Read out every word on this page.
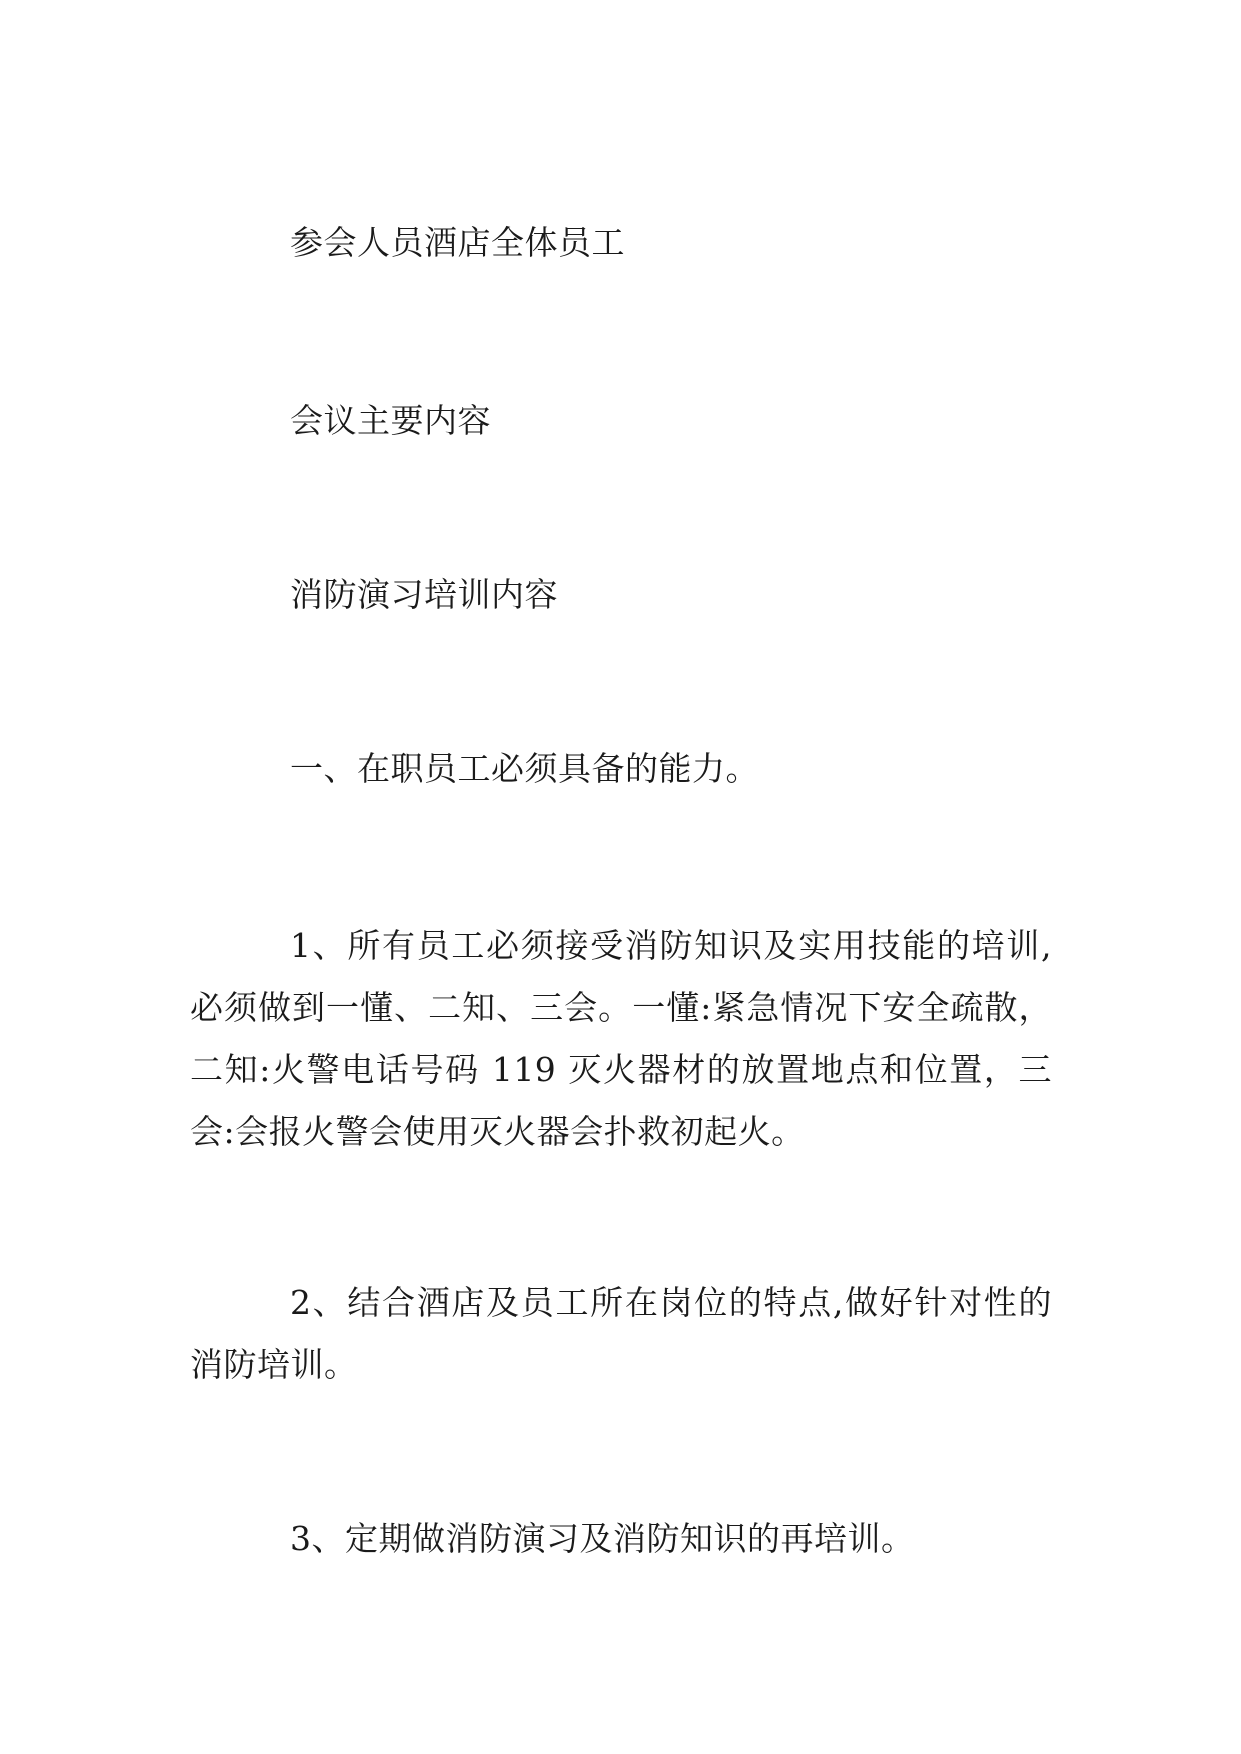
参会人员酒店全体员工

会议主要内容

消防演习培训内容

一、在职员工必须具备的能力。

1、所有员工必须接受消防知识及实用技能的培训,必须做到一懂、二知、三会。一懂:紧急情况下安全疏散，二知:火警电话号码 119 灭火器材的放置地点和位置，三会:会报火警会使用灭火器会扑救初起火。

2、结合酒店及员工所在岗位的特点,做好针对性的消防培训。

3、定期做消防演习及消防知识的再培训。
